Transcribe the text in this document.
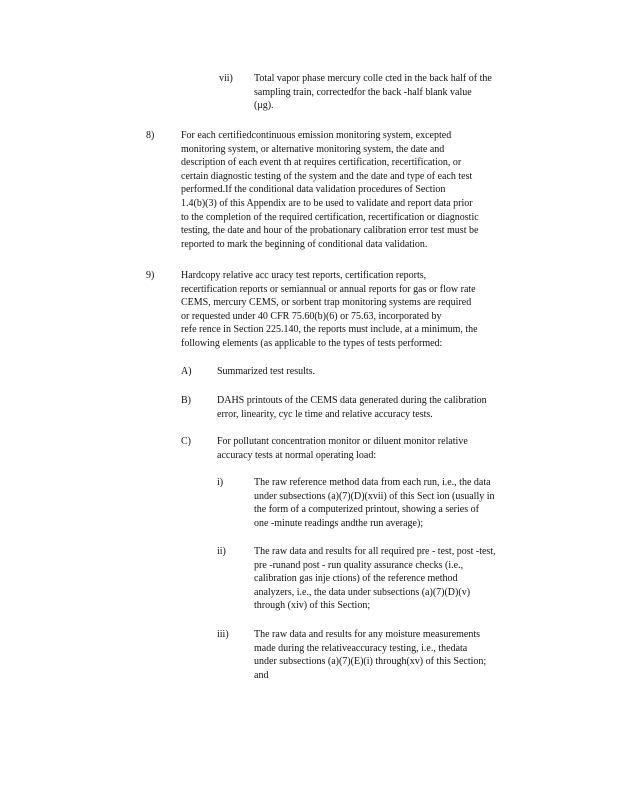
vii) Total vapor phase mercury colle cted in the back half of the
sampling train, correctedfor the back -half blank value
(μg).
8)	For each certifiedcontinuous emission monitoring system, excepted
monitoring system, or alternative monitoring system, the date and
description of each event th at requires certification, recertification, or
certain diagnostic testing of the system and the date and type of each test
performed.If the conditional data validation procedures of Section
1.4(b)(3) of this Appendix are to be used to validate and report data prior
to the completion of the required certification, recertification or diagnostic
testing, the date and hour of the probationary calibration error test must be
reported to mark the beginning of conditional data validation.
9)	Hardcopy relative acc uracy test reports, certification reports,
recertification reports or semiannual or annual reports for gas or flow rate
CEMS, mercury CEMS, or sorbent trap monitoring systems are required
or requested under 40 CFR 75.60(b)(6) or 75.63, incorporated by
refe rence in Section 225.140, the reports must include, at a minimum, the
following elements (as applicable to the types of tests performed:
A)	Summarized test results.
B)	DAHS printouts of the CEMS data generated during the calibration
error, linearity, cyc le time and relative accuracy tests.
C)	For pollutant concentration monitor or diluent monitor relative
accuracy tests at normal operating load:
i)	The raw reference method data from each run, i.e., the data
under subsections (a)(7)(D)(xvii) of this Sect ion (usually in
the form of a computerized printout, showing a series of
one -minute readings andthe run average);
ii)	The raw data and results for all required pre - test, post -test,
pre -runand post - run quality assurance checks (i.e.,
calibration gas inje ctions) of the reference method
analyzers, i.e., the data under subsections (a)(7)(D)(v)
through (xiv) of this Section;
iii)	The raw data and results for any moisture measurements
made during the relativeaccuracy testing, i.e., thedata
under subsections (a)(7)(E)(i) through(xv) of this Section;
and
